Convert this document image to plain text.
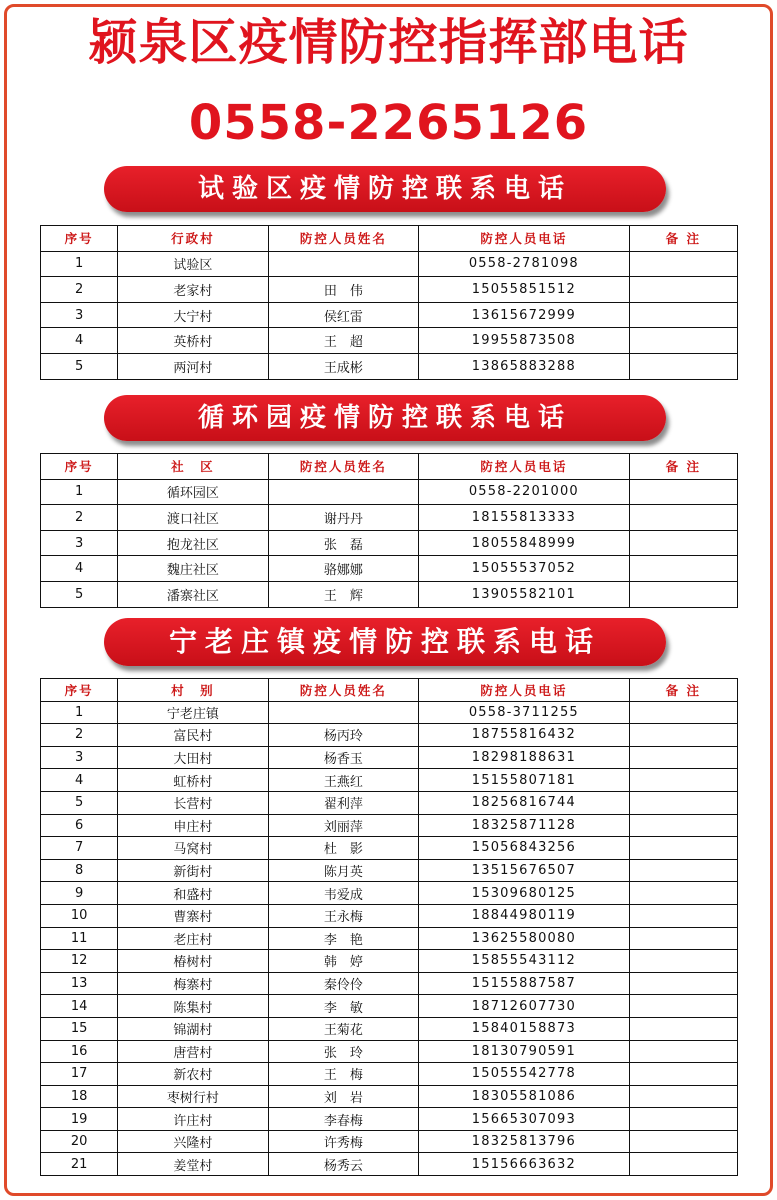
颍泉区疫情防控指挥部电话
0558-2265126
试验区疫情防控联系电话
序号	行政村	防控人员姓名	防控人员电话	备 注
1	试验区		0558-2781098	
2	老家村	田　伟	15055851512	
3	大宁村	侯红雷	13615672999	
4	英桥村	王　超	19955873508	
5	两河村	王成彬	13865883288	
循环园疫情防控联系电话
序号	社　区	防控人员姓名	防控人员电话	备 注
1	循环园区		0558-2201000	
2	渡口社区	谢丹丹	18155813333	
3	抱龙社区	张　磊	18055848999	
4	魏庄社区	骆娜娜	15055537052	
5	潘寨社区	王　辉	13905582101	
宁老庄镇疫情防控联系电话
序号	村　别	防控人员姓名	防控人员电话	备 注
1	宁老庄镇		0558-3711255	
2	富民村	杨丙玲	18755816432	
3	大田村	杨香玉	18298188631	
4	虹桥村	王燕红	15155807181	
5	长营村	翟利萍	18256816744	
6	申庄村	刘丽萍	18325871128	
7	马窝村	杜　影	15056843256	
8	新街村	陈月英	13515676507	
9	和盛村	韦爱成	15309680125	
10	曹寨村	王永梅	18844980119	
11	老庄村	李　艳	13625580080	
12	椿树村	韩　婷	15855543112	
13	梅寨村	秦伶伶	15155887587	
14	陈集村	李　敏	18712607730	
15	锦湖村	王菊花	15840158873	
16	唐营村	张　玲	18130790591	
17	新农村	王　梅	15055542778	
18	枣树行村	刘　岩	18305581086	
19	许庄村	李春梅	15665307093	
20	兴隆村	许秀梅	18325813796	
21	姜堂村	杨秀云	15156663632	
